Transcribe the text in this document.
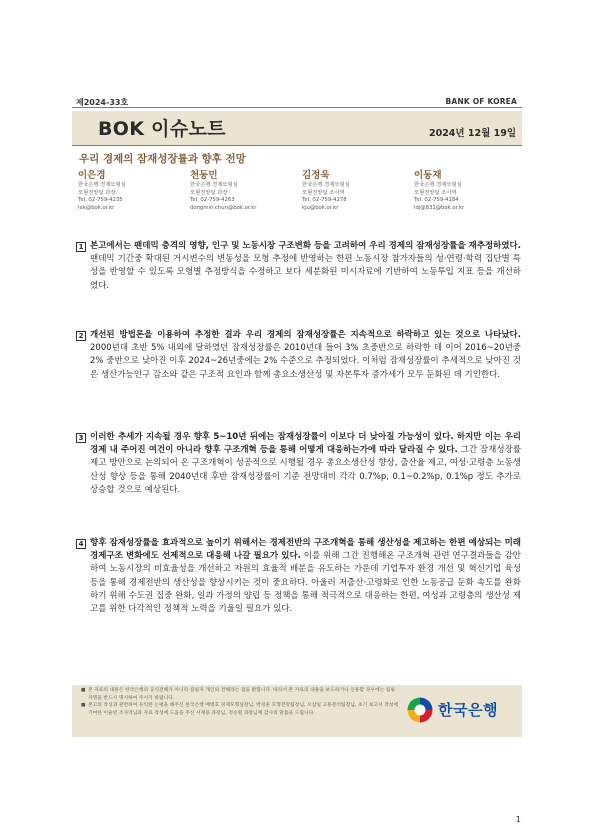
제2024-33호	BANK OF KOREA
BOK 이슈노트	2024년 12월 19일
우리 경제의 잠재성장률과 향후 전망
이은경
한국은행 경제모형실
모형전망팀 과장
Tel. 02-759-4235
lek@bok.or.kr
천동민
한국은행 경제모형실
모형전망팀 과장
Tel. 02-759-4263
dongmin.chun@bok.or.kr
김정욱
한국은행 경제모형실
모형전망팀 조사역
Tel. 02-759-4278
kju@bok.or.kr
이동재
한국은행 경제모형실
모형전망팀 조사역
Tel. 02-759-4184
ldj@831@bok.or.kr
1 본고에서는 팬데믹 충격의 영향, 인구 및 노동시장 구조변화 등을 고려하여 우리 경제의 잠재성장률을 재추정하였다. 팬데믹 기간중 확대된 거시변수의 변동성을 모형 추정에 반영하는 한편 노동시장 참가자들의 성·연령·학력 집단별 특성을 반영할 수 있도록 모형별 추정방식을 수정하고 보다 세분화된 미시자료에 기반하여 노동투입 지표 등을 개선하였다.
2 개선된 방법론을 이용하여 추정한 결과 우리 경제의 잠재성장률은 지속적으로 하락하고 있는 것으로 나타났다. 2000년대 초반 5% 내외에 달하였던 잠재성장률은 2010년대 들어 3% 초중반으로 하락한 데 이어 2016~20년중 2% 중반으로 낮아진 이후 2024~26년중에는 2% 수준으로 추정되었다. 이처럼 잠재성장률이 추세적으로 낮아진 것은 생산가능인구 감소와 같은 구조적 요인과 함께 총요소생산성 및 자본투자 증가세가 모두 둔화된 데 기인한다.
3 이러한 추세가 지속될 경우 향후 5~10년 뒤에는 잠재성장률이 이보다 더 낮아질 가능성이 있다. 하지만 이는 우리 경제 내 주어진 여건이 아니라 향후 구조개혁 등을 통해 어떻게 대응하는가에 따라 달라질 수 있다. 그간 잠재성장률 제고 방안으로 논의되어 온 구조개혁이 성공적으로 시행될 경우 총요소생산성 향상, 출산율 제고, 여성·고령층 노동생산성 향상 등을 통해 2040년대 후반 잠재성장률이 기준 전망대비 각각 0.7%p, 0.1~0.2%p, 0.1%p 정도 추가로 상승할 것으로 예상된다.
4 향후 잠재성장률을 효과적으로 높이기 위해서는 경제전반의 구조개혁을 통해 생산성을 제고하는 한편 예상되는 미래 경제구조 변화에도 선제적으로 대응해 나갈 필요가 있다. 이를 위해 그간 진행해온 구조개혁 관련 연구결과들을 감안하여 노동시장의 비효율성을 개선하고 자원의 효율적 배분을 유도하는 가운데 기업투자 환경 개선 및 혁신기업 육성 등을 통해 경제전반의 생산성을 향상시키는 것이 중요하다. 아울러 저출산·고령화로 인한 노동공급 둔화 속도를 완화하기 위해 수도권 집중 완화, 일과 가정의 양립 등 정책을 통해 적극적으로 대응하는 한편, 여성과 고령층의 생산성 제고를 위한 다각적인 정책적 노력을 기울일 필요가 있다.
■ 본 자료의 내용은 한국은행의 공식견해가 아니라 집필자 개인의 견해라는 점을 밝힙니다. 따라서 본 자료의 내용을 보도하거나 인용할 경우에는 집필자명을 반드시 명시하여 주시기 바랍니다.
■ 본고의 작성과 관련하여 유익한 논평을 해주신 한국은행 배병호 경제모형실장님, 박경훈 모형전망팀장님, 오삼일 고용분석팀장님, 초기 보고서 작성에 기여한 이슬빈 조사역님과 자료 작성에 도움을 주신 서재용 과장님, 정승렬 과장님께 감사의 말씀을 드립니다.	한국은행
1
